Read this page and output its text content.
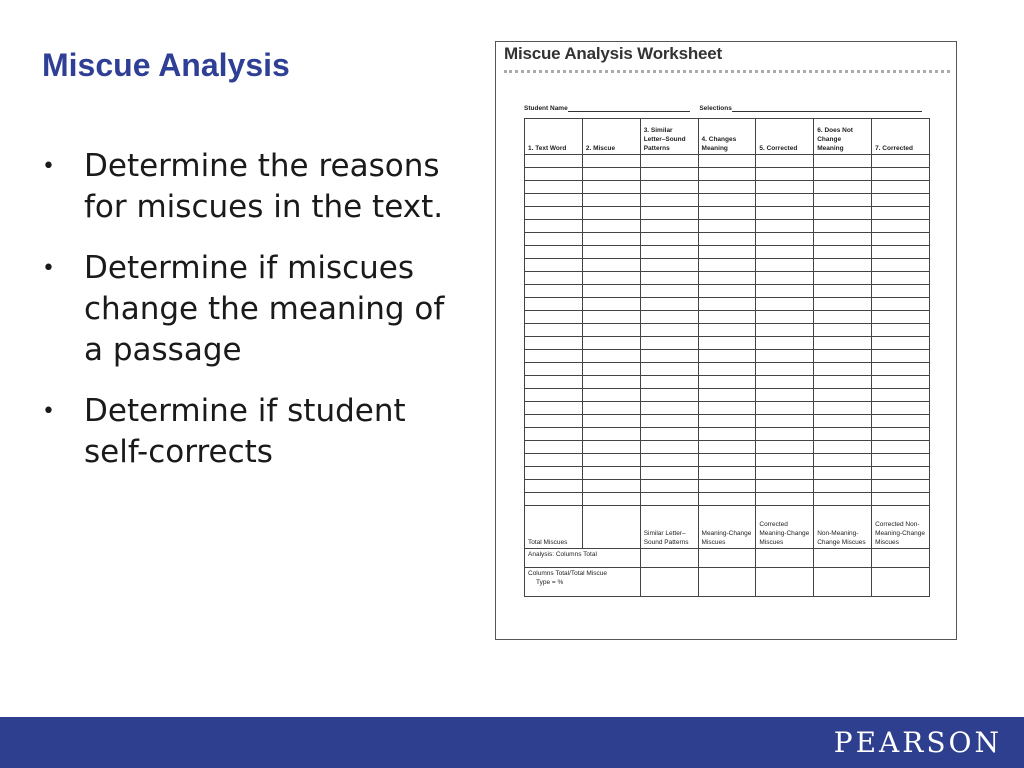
Miscue Analysis
• Determine the reasons for miscues in the text.
• Determine if miscues change the meaning of a passage
• Determine if student self-corrects
Miscue Analysis Worksheet
Student Name	Selections
1. Text Word	2. Miscue	3. Similar Letter–Sound Patterns	4. Changes Meaning	5. Corrected	6. Does Not Change Meaning	7. Corrected

Total Miscues		Similar Letter–Sound Patterns	Meaning-Change Miscues	Corrected Meaning-Change Miscues	Non-Meaning-Change Miscues	Corrected Non-Meaning-Change Miscues
Analysis: Columns Total						

Columns Total/Total Miscue
Type = %						

PEARSON
